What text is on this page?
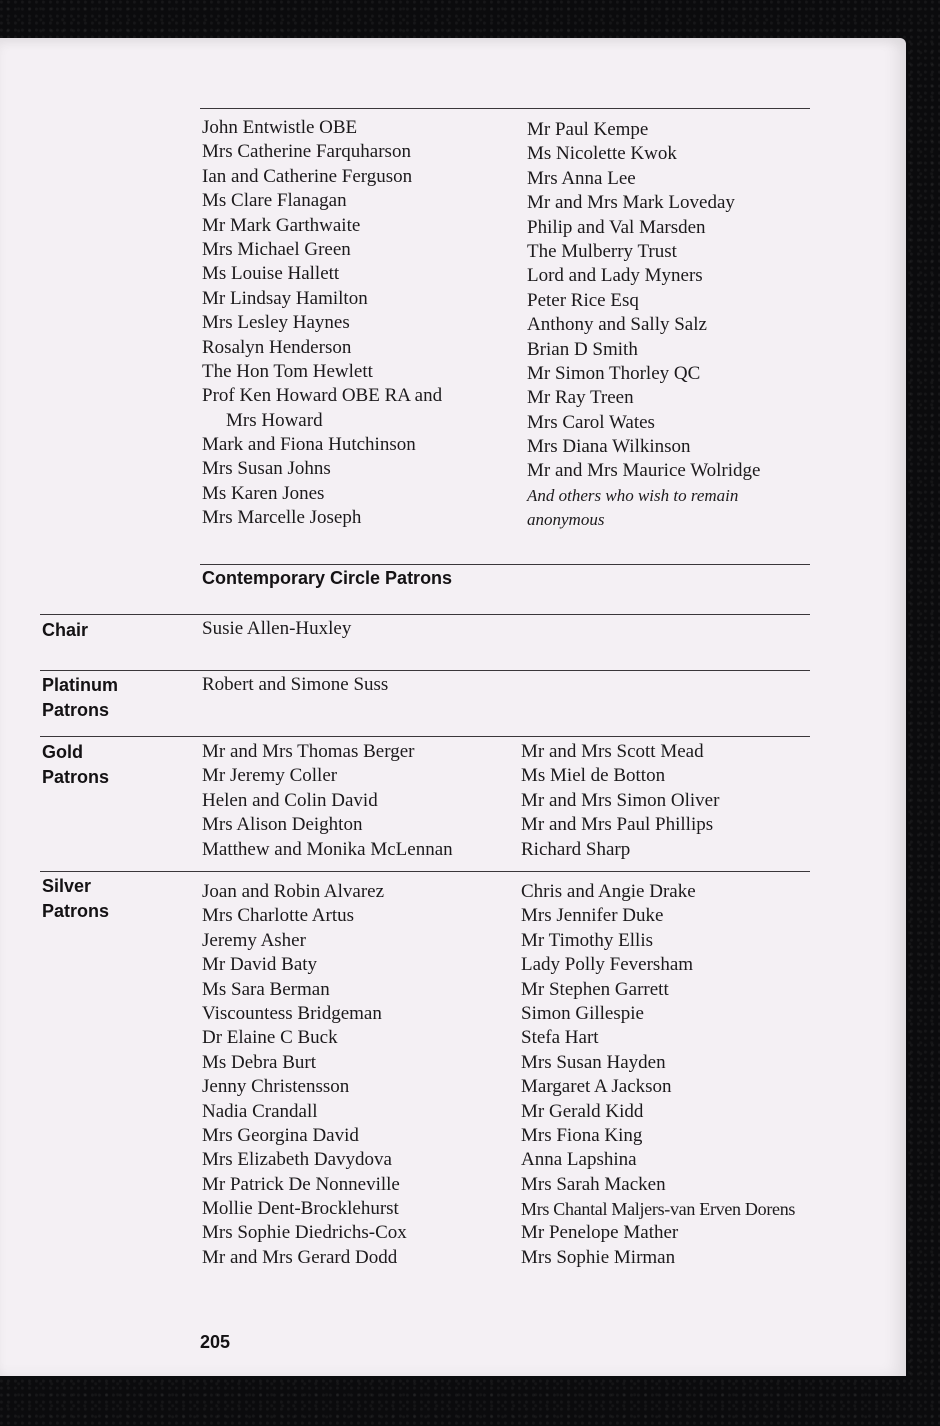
John Entwistle OBE
Mrs Catherine Farquharson
Ian and Catherine Ferguson
Ms Clare Flanagan
Mr Mark Garthwaite
Mrs Michael Green
Ms Louise Hallett
Mr Lindsay Hamilton
Mrs Lesley Haynes
Rosalyn Henderson
The Hon Tom Hewlett
Prof Ken Howard OBE RA and
Mrs Howard
Mark and Fiona Hutchinson
Mrs Susan Johns
Ms Karen Jones
Mrs Marcelle Joseph
Mr Paul Kempe
Ms Nicolette Kwok
Mrs Anna Lee
Mr and Mrs Mark Loveday
Philip and Val Marsden
The Mulberry Trust
Lord and Lady Myners
Peter Rice Esq
Anthony and Sally Salz
Brian D Smith
Mr Simon Thorley QC
Mr Ray Treen
Mrs Carol Wates
Mrs Diana Wilkinson
Mr and Mrs Maurice Wolridge
And others who wish to remain
anonymous
Contemporary Circle Patrons
Chair	Susie Allen-Huxley
Platinum
Patrons
Robert and Simone Suss
Gold
Patrons
Mr and Mrs Thomas Berger
Mr Jeremy Coller
Helen and Colin David
Mrs Alison Deighton
Matthew and Monika McLennan
Mr and Mrs Scott Mead
Ms Miel de Botton
Mr and Mrs Simon Oliver
Mr and Mrs Paul Phillips
Richard Sharp
Silver
Patrons
Joan and Robin Alvarez
Mrs Charlotte Artus
Jeremy Asher
Mr David Baty
Ms Sara Berman
Viscountess Bridgeman
Dr Elaine C Buck
Ms Debra Burt
Jenny Christensson
Nadia Crandall
Mrs Georgina David
Mrs Elizabeth Davydova
Mr Patrick De Nonneville
Mollie Dent-Brocklehurst
Mrs Sophie Diedrichs-Cox
Mr and Mrs Gerard Dodd
Chris and Angie Drake
Mrs Jennifer Duke
Mr Timothy Ellis
Lady Polly Feversham
Mr Stephen Garrett
Simon Gillespie
Stefa Hart
Mrs Susan Hayden
Margaret A Jackson
Mr Gerald Kidd
Mrs Fiona King
Anna Lapshina
Mrs Sarah Macken
Mrs Chantal Maljers-van Erven Dorens
Mr Penelope Mather
Mrs Sophie Mirman
205
